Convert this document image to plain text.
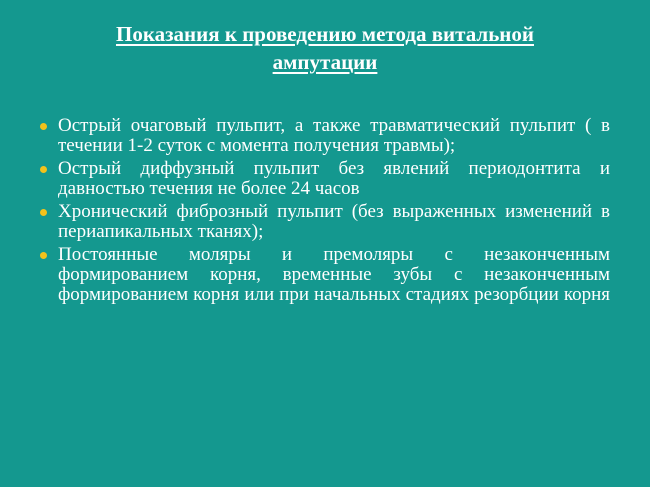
Показания к проведению метода витальной
ампутации
Острый очаговый пульпит, а также травматический пульпит ( в течении 1-2 суток с момента получения травмы);
Острый диффузный пульпит без явлений периодонтита и давностью течения не более 24 часов
Хронический фиброзный пульпит (без выраженных изменений в периапикальных тканях);
Постоянные моляры и премоляры с незаконченным формированием корня, временные зубы с незаконченным формированием корня или при начальных стадиях резорбции корня
